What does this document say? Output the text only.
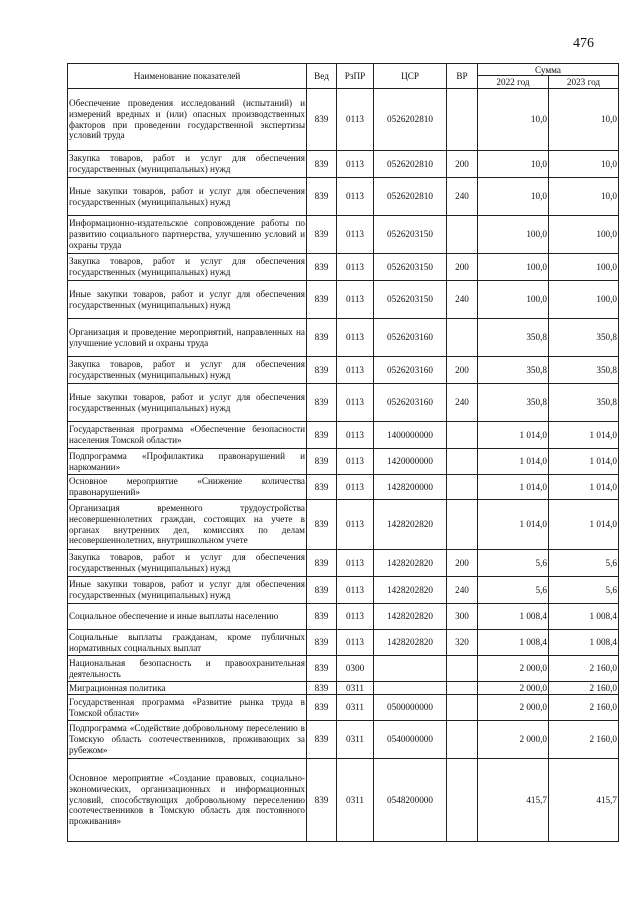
476
Наименование показателей	Вед	РзПР	ЦСР	ВР	Сумма	
					2022 год	2023 год
Обеспечение проведения исследований (испытаний) и измерений вредных и (или) опасных производственных факторов при проведении государственной экспертизы условий труда	839	0113	0526202810		10,0	10,0
Закупка товаров, работ и услуг для обеспечения государственных (муниципальных) нужд	839	0113	0526202810	200	10,0	10,0
Иные закупки товаров, работ и услуг для обеспечения государственных (муниципальных) нужд	839	0113	0526202810	240	10,0	10,0
Информационно-издательское сопровождение работы по развитию социального партнерства, улучшению условий и охраны труда	839	0113	0526203150		100,0	100,0
Закупка товаров, работ и услуг для обеспечения государственных (муниципальных) нужд	839	0113	0526203150	200	100,0	100,0
Иные закупки товаров, работ и услуг для обеспечения государственных (муниципальных) нужд	839	0113	0526203150	240	100,0	100,0
Организация и проведение мероприятий, направленных на улучшение условий и охраны труда	839	0113	0526203160		350,8	350,8
Закупка товаров, работ и услуг для обеспечения государственных (муниципальных) нужд	839	0113	0526203160	200	350,8	350,8
Иные закупки товаров, работ и услуг для обеспечения государственных (муниципальных) нужд	839	0113	0526203160	240	350,8	350,8
Государственная программа «Обеспечение безопасности населения Томской области»	839	0113	1400000000		1 014,0	1 014,0
Подпрограмма «Профилактика правонарушений и наркомании»	839	0113	1420000000		1 014,0	1 014,0
Основное мероприятие «Снижение количества правонарушений»	839	0113	1428200000		1 014,0	1 014,0
Организация временного трудоустройства несовершеннолетних граждан, состоящих на учете в органах внутренних дел, комиссиях по делам несовершеннолетних, внутришкольном учете	839	0113	1428202820		1 014,0	1 014,0
Закупка товаров, работ и услуг для обеспечения государственных (муниципальных) нужд	839	0113	1428202820	200	5,6	5,6
Иные закупки товаров, работ и услуг для обеспечения государственных (муниципальных) нужд	839	0113	1428202820	240	5,6	5,6
Социальное обеспечение и иные выплаты населению	839	0113	1428202820	300	1 008,4	1 008,4
Социальные выплаты гражданам, кроме публичных нормативных социальных выплат	839	0113	1428202820	320	1 008,4	1 008,4
Национальная безопасность и правоохранительная деятельность	839	0300			2 000,0	2 160,0
Миграционная политика	839	0311			2 000,0	2 160,0
Государственная программа «Развитие рынка труда в Томской области»	839	0311	0500000000		2 000,0	2 160,0
Подпрограмма «Содействие добровольному переселению в Томскую область соотечественников, проживающих за рубежом»	839	0311	0540000000		2 000,0	2 160,0
Основное мероприятие «Создание правовых, социально-экономических, организационных и информационных условий, способствующих добровольному переселению соотечественников в Томскую область для постоянного проживания»	839	0311	0548200000		415,7	415,7
